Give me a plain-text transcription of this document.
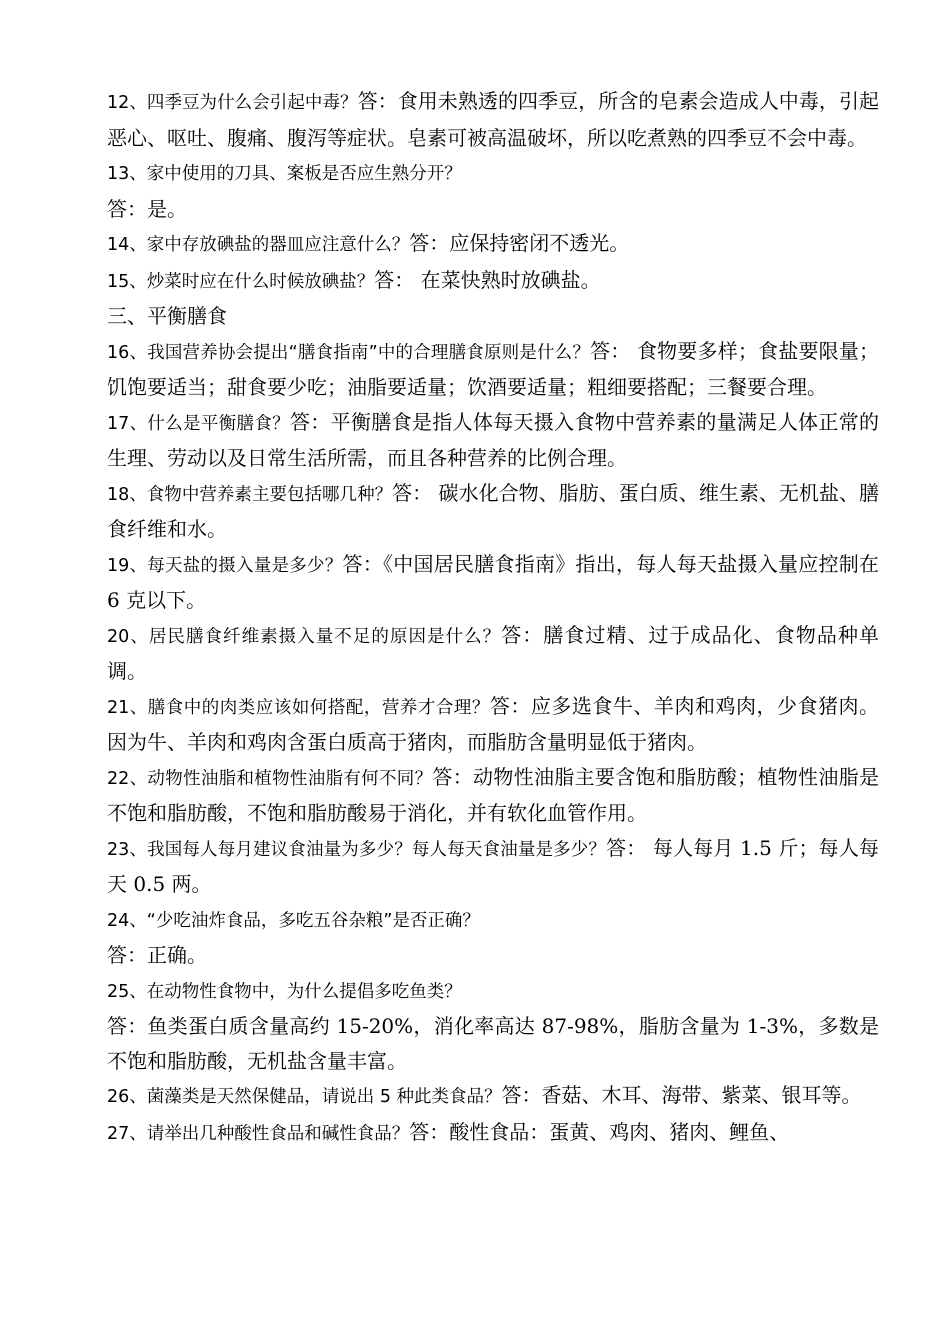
12、四季豆为什么会引起中毒？答：食用未熟透的四季豆，所含的皂素会造成人中毒，引起恶心、呕吐、腹痛、腹泻等症状。皂素可被高温破坏，所以吃煮熟的四季豆不会中毒。

13、家中使用的刀具、案板是否应生熟分开？

答：是。

14、家中存放碘盐的器皿应注意什么？答：应保持密闭不透光。

15、炒菜时应在什么时候放碘盐？答： 在菜快熟时放碘盐。

三、平衡膳食

16、我国营养协会提出“膳食指南”中的合理膳食原则是什么？答： 食物要多样；食盐要限量；饥饱要适当；甜食要少吃；油脂要适量；饮酒要适量；粗细要搭配；三餐要合理。

17、什么是平衡膳食？答：平衡膳食是指人体每天摄入食物中营养素的量满足人体正常的生理、劳动以及日常生活所需，而且各种营养的比例合理。

18、食物中营养素主要包括哪几种？答： 碳水化合物、脂肪、蛋白质、维生素、无机盐、膳食纤维和水。

19、每天盐的摄入量是多少？答：《中国居民膳食指南》指出，每人每天盐摄入量应控制在 6 克以下。

20、居民膳食纤维素摄入量不足的原因是什么？答：膳食过精、过于成品化、食物品种单调。

21、膳食中的肉类应该如何搭配，营养才合理？答：应多选食牛、羊肉和鸡肉，少食猪肉。因为牛、羊肉和鸡肉含蛋白质高于猪肉，而脂肪含量明显低于猪肉。

22、动物性油脂和植物性油脂有何不同？答：动物性油脂主要含饱和脂肪酸；植物性油脂是不饱和脂肪酸，不饱和脂肪酸易于消化，并有软化血管作用。

23、我国每人每月建议食油量为多少？每人每天食油量是多少？答： 每人每月 1.5 斤；每人每天 0.5 两。

24、“少吃油炸食品，多吃五谷杂粮”是否正确？

答：正确。

25、在动物性食物中，为什么提倡多吃鱼类？

答：鱼类蛋白质含量高约 15-20%，消化率高达 87-98%，脂肪含量为 1-3%，多数是不饱和脂肪酸，无机盐含量丰富。

26、菌藻类是天然保健品，请说出 5 种此类食品？答：香菇、木耳、海带、紫菜、银耳等。

27、请举出几种酸性食品和碱性食品？答：酸性食品：蛋黄、鸡肉、猪肉、鲤鱼、
